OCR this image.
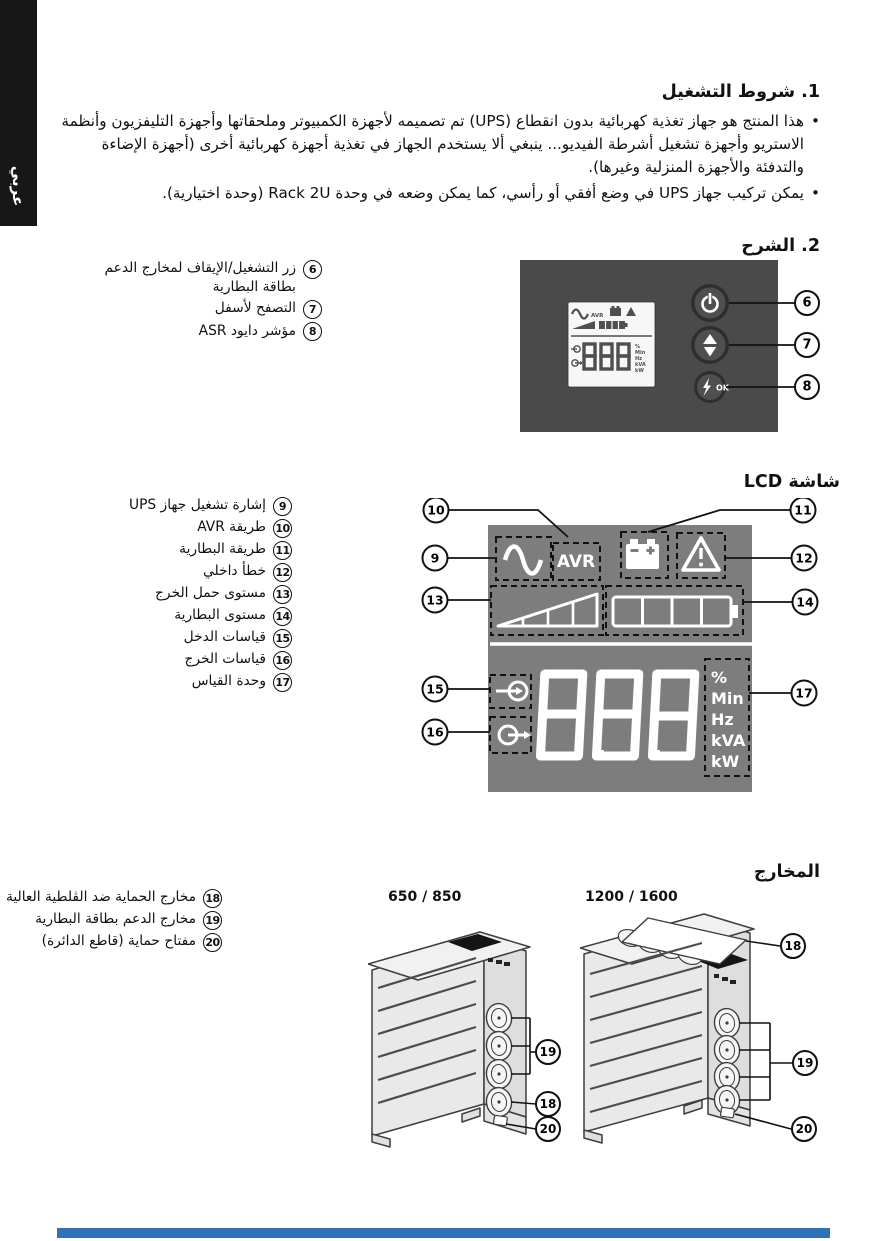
عربي
1. شروط التشغيل
• هذا المنتج هو جهاز تغذية كهربائية بدون انقطاع (UPS) تم تصميمه لأجهزة الكمبيوتر وملحقاتها وأجهزة التليفزيون وأنظمة الاستريو وأجهزة تشغيل أشرطة الفيديو... ينبغي ألا يستخدم الجهاز في تغذية أجهزة كهربائية أخرى (أجهزة الإضاءة والتدفئة والأجهزة المنزلية وغيرها).
• يمكن تركيب جهاز UPS في وضع أفقي أو رأسي، كما يمكن وضعه في وحدة Rack 2U (وحدة اختيارية).
2. الشرح
6
زر التشغيل/الإيقاف لمخارج الدعم
بطاقة البطارية
7
التصفح لأسفل
8
مؤشر دايود ASR
AVR
%
Min
Hz
kVA
kW
OK
6
7
8
شاشة LCD
9
إشارة تشغيل جهاز UPS
10
طريقة AVR
11
طريقة البطارية
12
خطأ داخلي
13
مستوى حمل الخرج
14
مستوى البطارية
15
قياسات الدخل
16
قياسات الخرج
17
وحدة القياس
AVR
%
Min
Hz
kVA
kW
10	11
9	12
13	14
15	17
16
المخارج
18
مخارج الحماية ضد الڤلطية العالية
19
مخارج الدعم بطاقة البطارية
20
مفتاح حماية (قاطع الدائرة)
650 / 850	1200 / 1600
19
18
20
18
19
20
